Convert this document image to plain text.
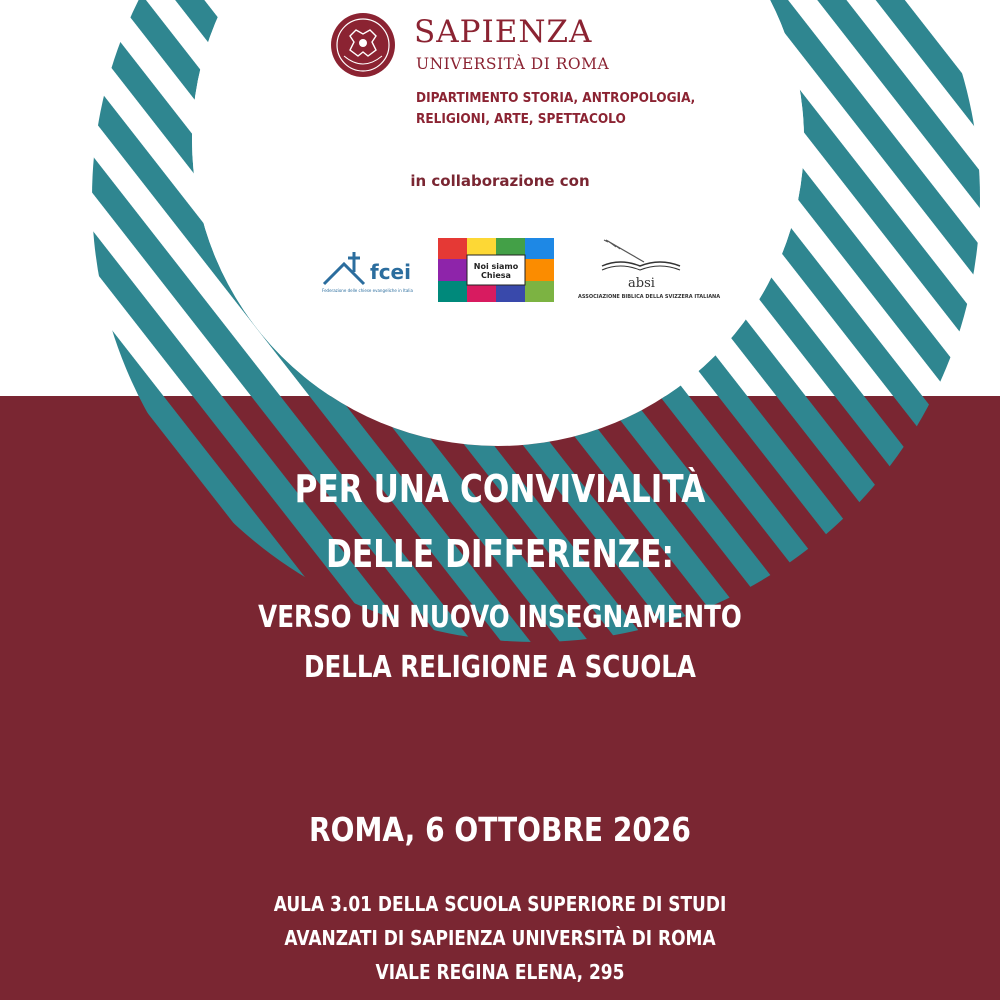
SAPIENZA
UNIVERSITÀ DI ROMA
DIPARTIMENTO STORIA, ANTROPOLOGIA,
RELIGIONI, ARTE, SPETTACOLO
in collaborazione con
fcei
Federazione delle chiese evangeliche in Italia
Noi siamo Chiesa
absi
ASSOCIAZIONE BIBLICA DELLA SVIZZERA ITALIANA
PER UNA CONVIVIALITÀ
DELLE DIFFERENZE:
VERSO UN NUOVO INSEGNAMENTO
DELLA RELIGIONE A SCUOLA
ROMA, 6 OTTOBRE 2026
AULA 3.01 DELLA SCUOLA SUPERIORE DI STUDI
AVANZATI DI SAPIENZA UNIVERSITÀ DI ROMA
VIALE REGINA ELENA, 295
